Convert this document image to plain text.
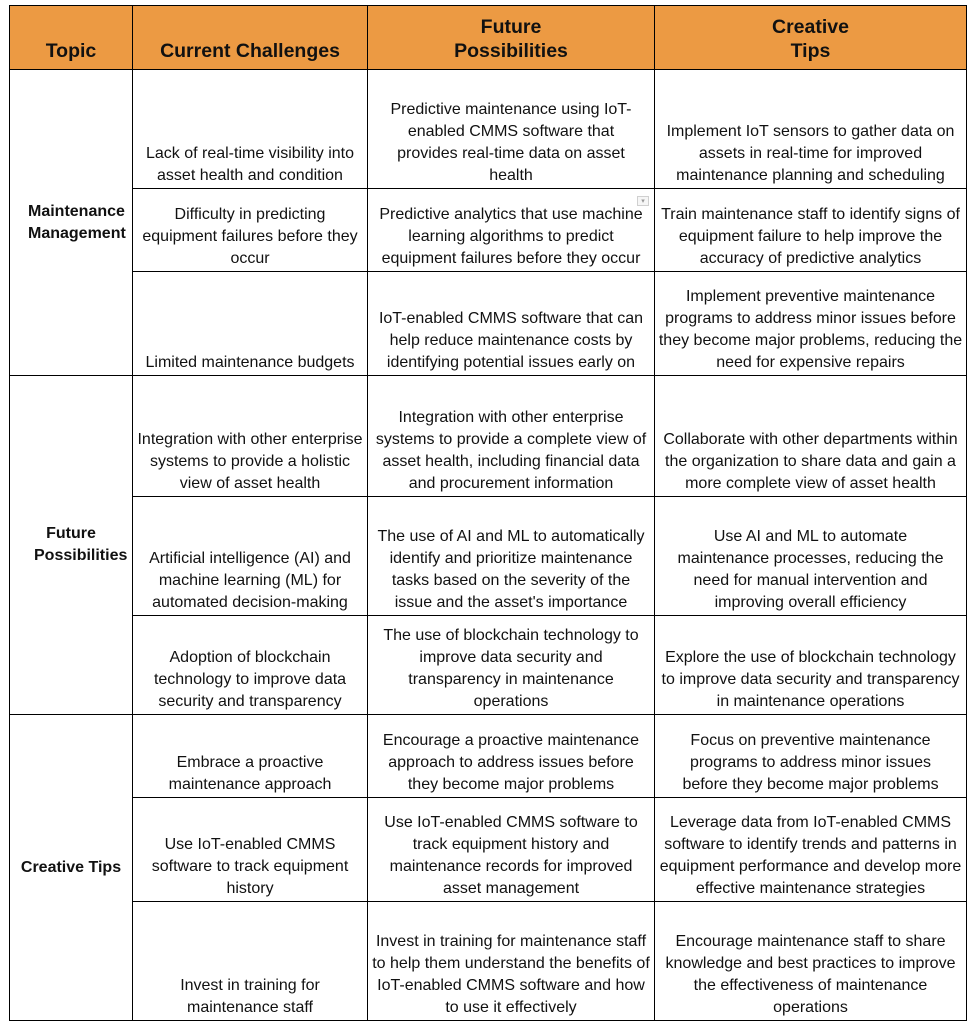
Topic	Current Challenges	Future Possibilities	Creative Tips
Maintenance Management	Lack of real-time visibility into asset health and condition	Predictive maintenance using IoT-enabled CMMS software that provides real-time data on asset health	Implement IoT sensors to gather data on assets in real-time for improved maintenance planning and scheduling
	Difficulty in predicting equipment failures before they occur	Predictive analytics that use machine learning algorithms to predict equipment failures before they occur	Train maintenance staff to identify signs of equipment failure to help improve the accuracy of predictive analytics
	Limited maintenance budgets	IoT-enabled CMMS software that can help reduce maintenance costs by identifying potential issues early on	Implement preventive maintenance programs to address minor issues before they become major problems, reducing the need for expensive repairs
Future Possibilities	Integration with other enterprise systems to provide a holistic view of asset health	Integration with other enterprise systems to provide a complete view of asset health, including financial data and procurement information	Collaborate with other departments within the organization to share data and gain a more complete view of asset health
	Artificial intelligence (AI) and machine learning (ML) for automated decision-making	The use of AI and ML to automatically identify and prioritize maintenance tasks based on the severity of the issue and the asset's importance	Use AI and ML to automate maintenance processes, reducing the need for manual intervention and improving overall efficiency
	Adoption of blockchain technology to improve data security and transparency	The use of blockchain technology to improve data security and transparency in maintenance operations	Explore the use of blockchain technology to improve data security and transparency in maintenance operations
Creative Tips	Embrace a proactive maintenance approach	Encourage a proactive maintenance approach to address issues before they become major problems	Focus on preventive maintenance programs to address minor issues before they become major problems
	Use IoT-enabled CMMS software to track equipment history	Use IoT-enabled CMMS software to track equipment history and maintenance records for improved asset management	Leverage data from IoT-enabled CMMS software to identify trends and patterns in equipment performance and develop more effective maintenance strategies
	Invest in training for maintenance staff	Invest in training for maintenance staff to help them understand the benefits of IoT-enabled CMMS software and how to use it effectively	Encourage maintenance staff to share knowledge and best practices to improve the effectiveness of maintenance operations
▾
